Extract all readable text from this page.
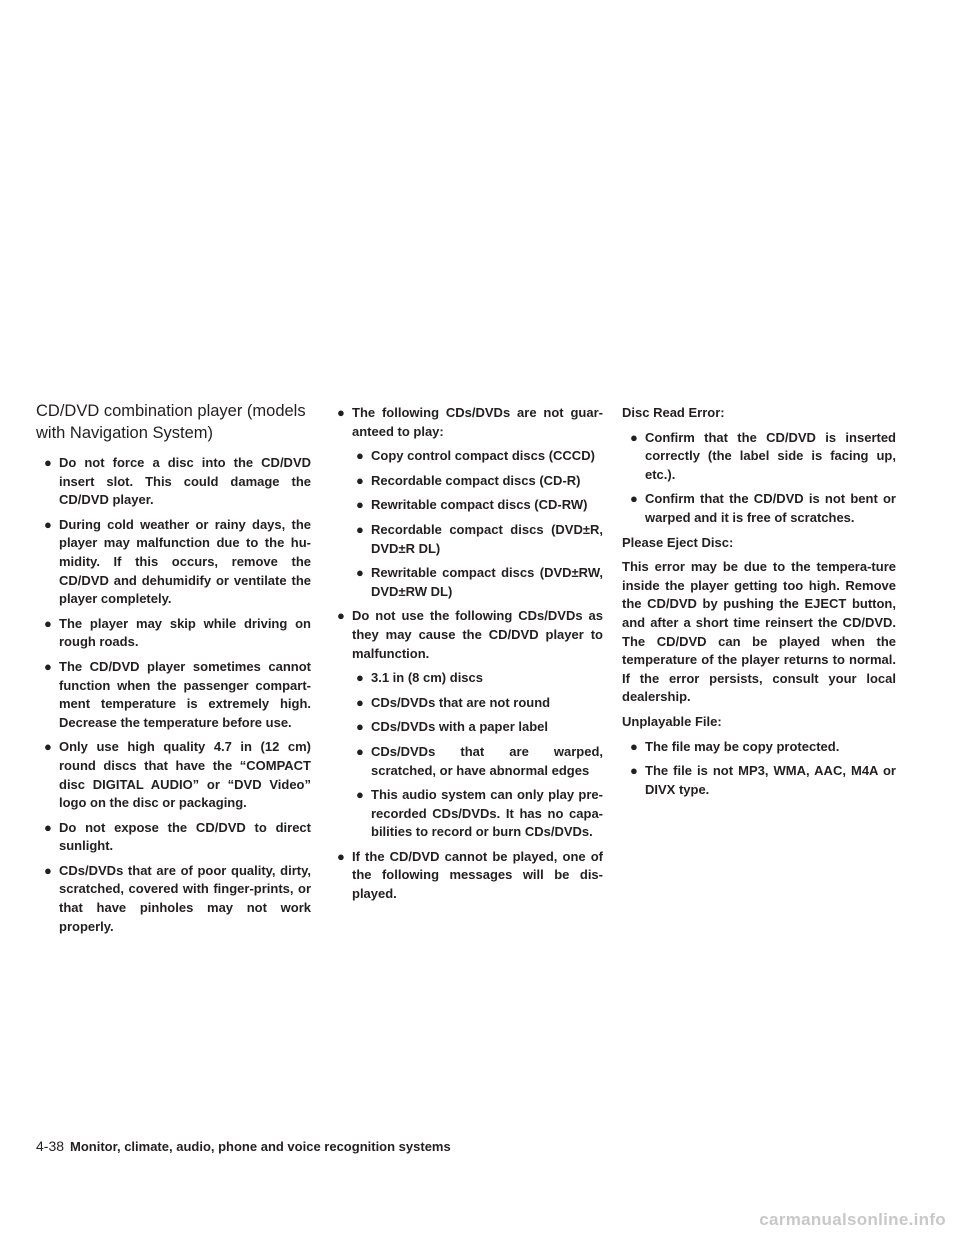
CD/DVD combination player (models
with Navigation System)
● Do not force a disc into the CD/DVD insert slot. This could damage the CD/DVD player.
● During cold weather or rainy days, the player may malfunction due to the hu-midity. If this occurs, remove the CD/DVD and dehumidify or ventilate the player completely.
● The player may skip while driving on rough roads.
● The CD/DVD player sometimes cannot function when the passenger compart-ment temperature is extremely high. Decrease the temperature before use.
● Only use high quality 4.7 in (12 cm) round discs that have the “COMPACT disc DIGITAL AUDIO” or “DVD Video” logo on the disc or packaging.
● Do not expose the CD/DVD to direct sunlight.
● CDs/DVDs that are of poor quality, dirty, scratched, covered with finger-prints, or that have pinholes may not work properly.
● The following CDs/DVDs are not guar-anteed to play:
● Copy control compact discs (CCCD)
● Recordable compact discs (CD-R)
● Rewritable compact discs (CD-RW)
● Recordable compact discs (DVD±R, DVD±R DL)
● Rewritable compact discs (DVD±RW, DVD±RW DL)
● Do not use the following CDs/DVDs as they may cause the CD/DVD player to malfunction.
● 3.1 in (8 cm) discs
● CDs/DVDs that are not round
● CDs/DVDs with a paper label
● CDs/DVDs that are warped, scratched, or have abnormal edges
● This audio system can only play pre-recorded CDs/DVDs. It has no capa-bilities to record or burn CDs/DVDs.
● If the CD/DVD cannot be played, one of the following messages will be dis-played.

Disc Read Error:

● Confirm that the CD/DVD is inserted correctly (the label side is facing up, etc.).
● Confirm that the CD/DVD is not bent or warped and it is free of scratches.

Please Eject Disc:

This error may be due to the tempera-ture inside the player getting too high. Remove the CD/DVD by pushing the EJECT button, and after a short time reinsert the CD/DVD. The CD/DVD can be played when the temperature of the player returns to normal. If the error persists, consult your local dealership.

Unplayable File:

● The file may be copy protected.
● The file is not MP3, WMA, AAC, M4A or DIVX type.
4-38 Monitor, climate, audio, phone and voice recognition systems
carmanualsonline.info
